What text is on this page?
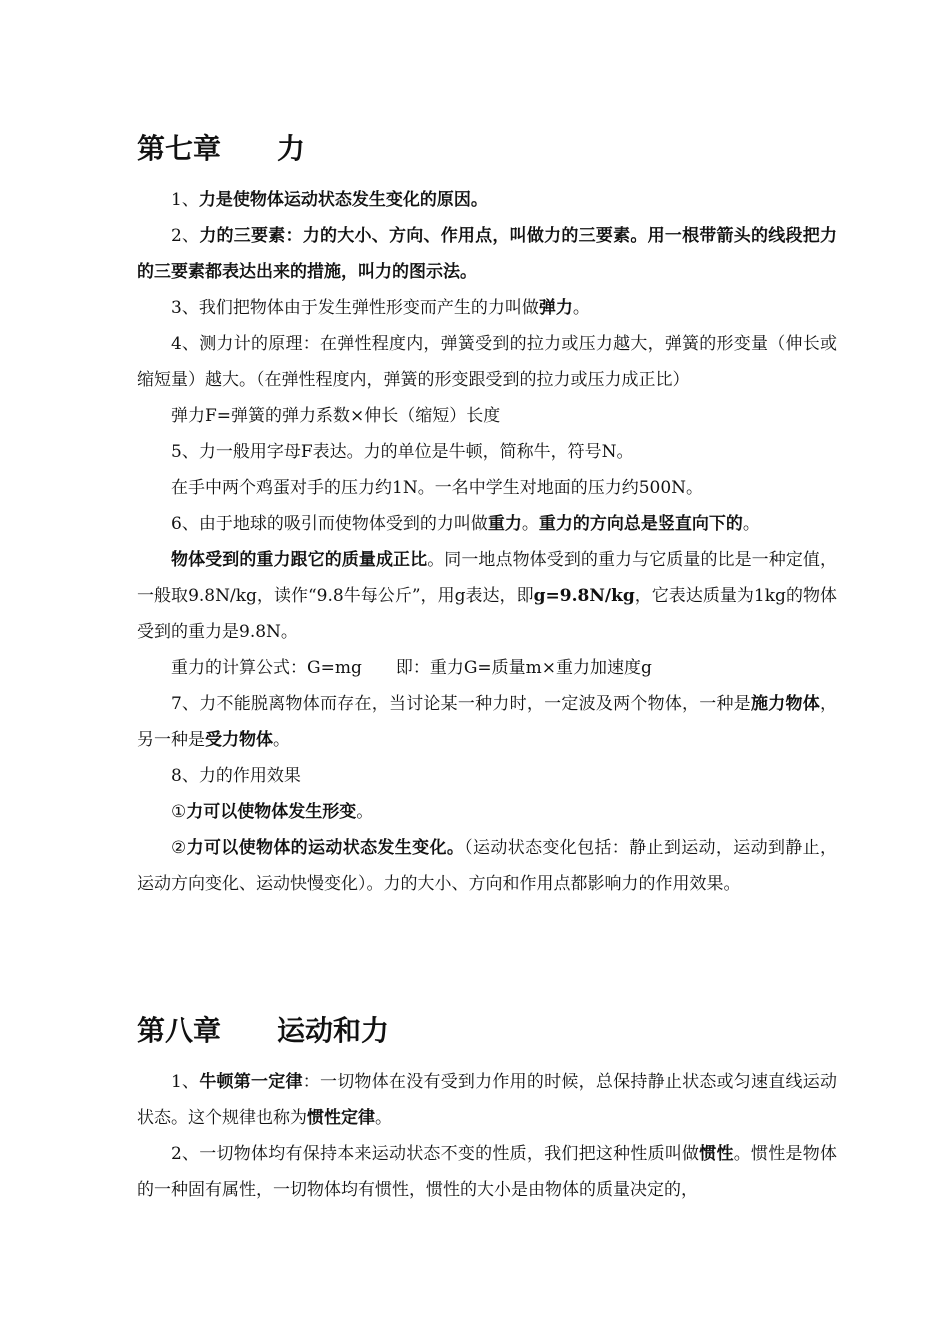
第七章　　力

1、力是使物体运动状态发生变化的原因。

2、力的三要素：力的大小、方向、作用点，叫做力的三要素。用一根带箭头的线段把力的三要素都表达出来的措施，叫力的图示法。

3、我们把物体由于发生弹性形变而产生的力叫做弹力。

4、测力计的原理：在弹性程度内，弹簧受到的拉力或压力越大，弹簧的形变量（伸长或缩短量）越大。（在弹性程度内，弹簧的形变跟受到的拉力或压力成正比）

弹力F=弹簧的弹力系数×伸长（缩短）长度

5、力一般用字母F表达。力的单位是牛顿，简称牛，符号N。

在手中两个鸡蛋对手的压力约1N。一名中学生对地面的压力约500N。

6、由于地球的吸引而使物体受到的力叫做重力。重力的方向总是竖直向下的。

物体受到的重力跟它的质量成正比。同一地点物体受到的重力与它质量的比是一种定值，一般取9.8N/kg，读作“9.8牛每公斤”，用g表达，即g=9.8N/kg，它表达质量为1kg的物体受到的重力是9.8N。

重力的计算公式：G=mg　　即：重力G=质量m×重力加速度g

7、力不能脱离物体而存在，当讨论某一种力时，一定波及两个物体，一种是施力物体，另一种是受力物体。

8、力的作用效果

①力可以使物体发生形变。

②力可以使物体的运动状态发生变化。（运动状态变化包括：静止到运动，运动到静止，运动方向变化、运动快慢变化）。力的大小、方向和作用点都影响力的作用效果。

第八章　　运动和力

1、牛顿第一定律：一切物体在没有受到力作用的时候，总保持静止状态或匀速直线运动状态。这个规律也称为惯性定律。

2、一切物体均有保持本来运动状态不变的性质，我们把这种性质叫做惯性。惯性是物体的一种固有属性，一切物体均有惯性，惯性的大小是由物体的质量决定的，
